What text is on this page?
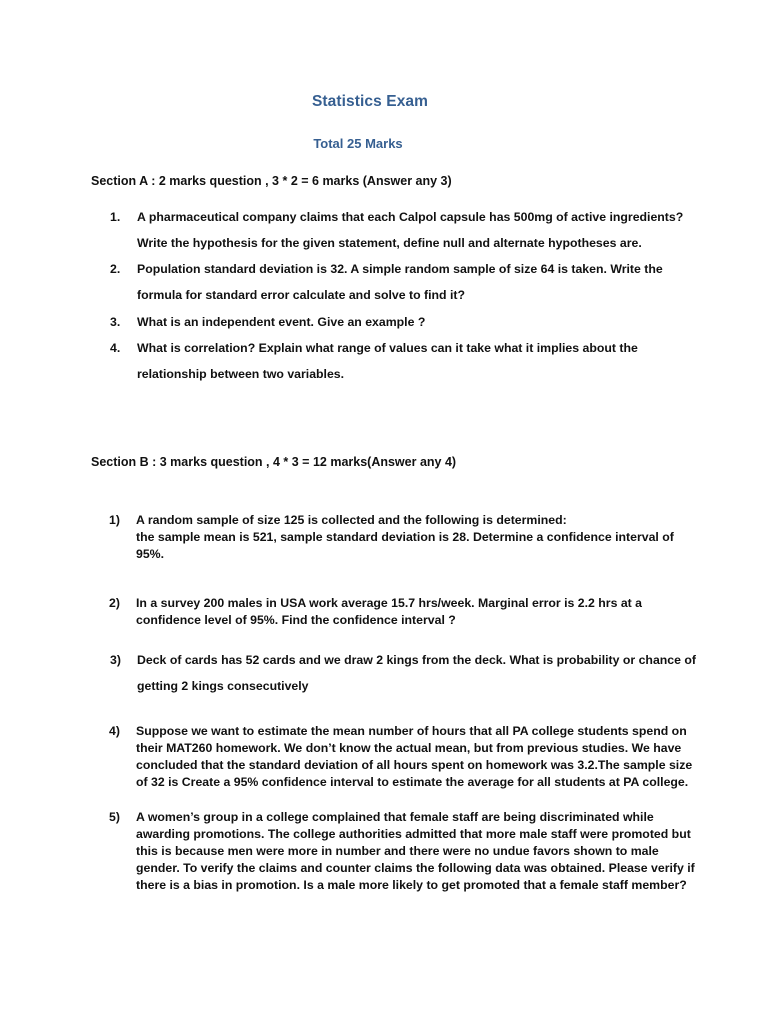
Statistics Exam
Total 25 Marks
Section A : 2 marks question , 3 * 2 = 6 marks (Answer any 3)
1. A pharmaceutical company claims that each Calpol capsule has 500mg of active ingredients?
Write the hypothesis for the given statement, define null and alternate hypotheses are.
2. Population standard deviation is 32. A simple random sample of size 64 is taken. Write the
formula for standard error calculate and solve to find it?
3. What is an independent event. Give an example ?
4. What is correlation? Explain what range of values can it take what it implies about the
relationship between two variables.
Section B : 3 marks question , 4 * 3 = 12 marks(Answer any 4)
1) A random sample of size 125 is collected and the following is determined:
the sample mean is 521, sample standard deviation is 28. Determine a confidence interval of
95%.
2) In a survey 200 males in USA work average 15.7 hrs/week. Marginal error is 2.2 hrs at a
confidence level of 95%. Find the confidence interval ?
3) Deck of cards has 52 cards and we draw 2 kings from the deck. What is probability or chance of
getting 2 kings consecutively
4) Suppose we want to estimate the mean number of hours that all PA college students spend on
their MAT260 homework. We don’t know the actual mean, but from previous studies. We have
concluded that the standard deviation of all hours spent on homework was 3.2.The sample size
of 32 is Create a 95% confidence interval to estimate the average for all students at PA college.
5) A women’s group in a college complained that female staff are being discriminated while
awarding promotions. The college authorities admitted that more male staff were promoted but
this is because men were more in number and there were no undue favors shown to male
gender. To verify the claims and counter claims the following data was obtained. Please verify if
there is a bias in promotion. Is a male more likely to get promoted that a female staff member?
